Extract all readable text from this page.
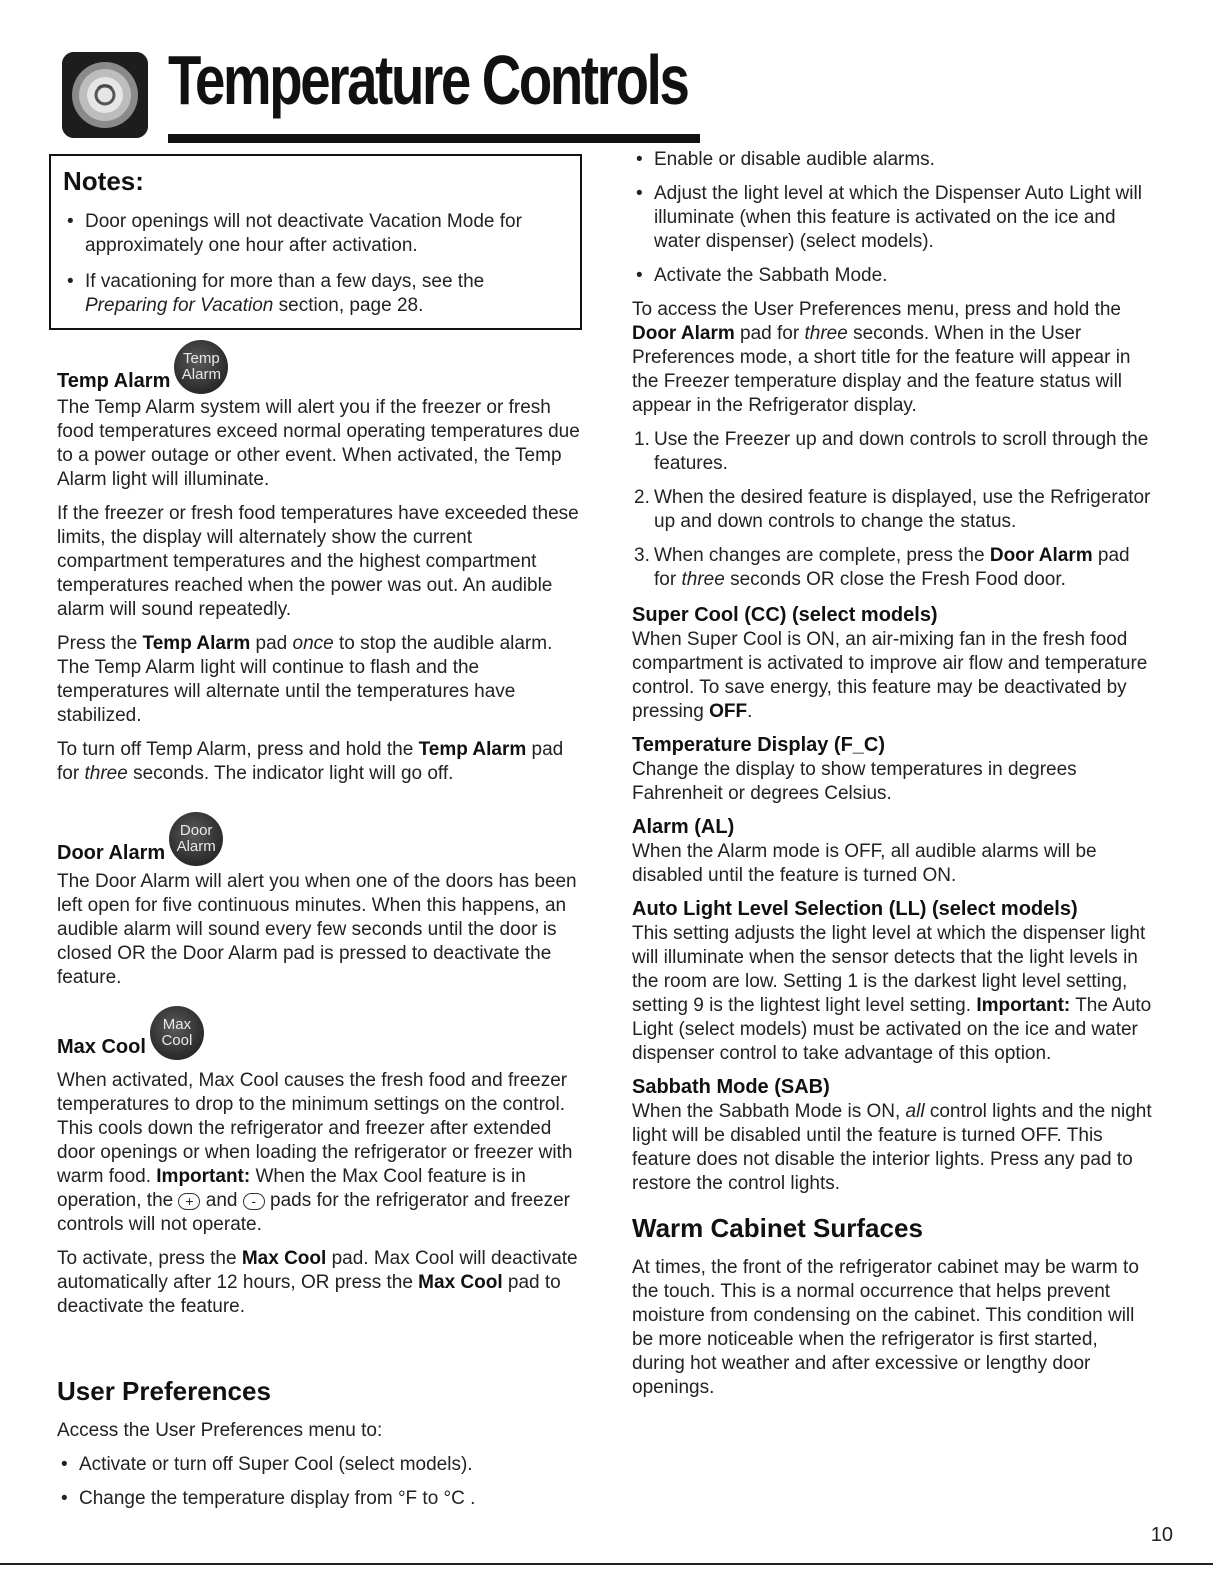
Temperature Controls
Notes:

• Door openings will not deactivate Vacation Mode for approximately one hour after activation.

• If vacationing for more than a few days, see the
Preparing for Vacation section, page 28.

Temp Alarm
Temp
Alarm

The Temp Alarm system will alert you if the freezer or fresh food temperatures exceed normal operating temperatures due to a power outage or other event. When activated, the Temp Alarm light will illuminate.

If the freezer or fresh food temperatures have exceeded these limits, the display will alternately show the current compartment temperatures and the highest compartment temperatures reached when the power was out. An audible alarm will sound repeatedly.

Press the Temp Alarm pad once to stop the audible alarm. The Temp Alarm light will continue to flash and the temperatures will alternate until the temperatures have stabilized.

To turn off Temp Alarm, press and hold the Temp Alarm pad for three seconds. The indicator light will go off.

Door Alarm
Door
Alarm

The Door Alarm will alert you when one of the doors has been left open for five continuous minutes. When this happens, an audible alarm will sound every few seconds until the door is closed OR the Door Alarm pad is pressed to deactivate the feature.

Max Cool
Max
Cool

When activated, Max Cool causes the fresh food and freezer temperatures to drop to the minimum settings on the control. This cools down the refrigerator and freezer after extended door openings or when loading the refrigerator or freezer with warm food. Important: When the Max Cool feature is in operation, the + and - pads for the refrigerator and freezer controls will not operate.

To activate, press the Max Cool pad. Max Cool will deactivate automatically after 12 hours, OR press the Max Cool pad to deactivate the feature.

User Preferences

Access the User Preferences menu to:

• Activate or turn off Super Cool (select models).

• Change the temperature display from °F to °C .

• Enable or disable audible alarms.

• Adjust the light level at which the Dispenser Auto Light will illuminate (when this feature is activated on the ice and water dispenser) (select models).

• Activate the Sabbath Mode.

To access the User Preferences menu, press and hold the Door Alarm pad for three seconds. When in the User Preferences mode, a short title for the feature will appear in the Freezer temperature display and the feature status will appear in the Refrigerator display.

1. Use the Freezer up and down controls to scroll through the features.

2. When the desired feature is displayed, use the Refrigerator up and down controls to change the status.

3. When changes are complete, press the Door Alarm pad for three seconds OR close the Fresh Food door.

Super Cool (CC) (select models)

When Super Cool is ON, an air-mixing fan in the fresh food compartment is activated to improve air flow and temperature control. To save energy, this feature may be deactivated by pressing OFF.

Temperature Display (F_C)

Change the display to show temperatures in degrees Fahrenheit or degrees Celsius.

Alarm (AL)

When the Alarm mode is OFF, all audible alarms will be disabled until the feature is turned ON.

Auto Light Level Selection (LL) (select models)

This setting adjusts the light level at which the dispenser light will illuminate when the sensor detects that the light levels in the room are low. Setting 1 is the darkest light level setting, setting 9 is the lightest light level setting. Important: The Auto Light (select models) must be activated on the ice and water dispenser control to take advantage of this option.

Sabbath Mode (SAB)

When the Sabbath Mode is ON, all control lights and the night light will be disabled until the feature is turned OFF. This feature does not disable the interior lights. Press any pad to restore the control lights.

Warm Cabinet Surfaces

At times, the front of the refrigerator cabinet may be warm to the touch. This is a normal occurrence that helps prevent moisture from condensing on the cabinet. This condition will be more noticeable when the refrigerator is first started, during hot weather and after excessive or lengthy door openings.

10
